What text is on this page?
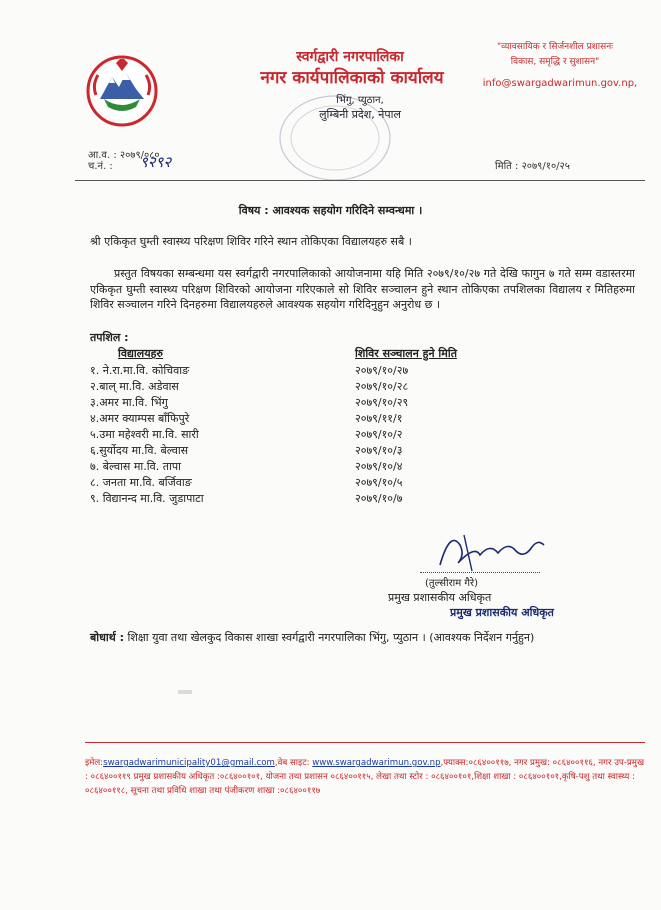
स्वर्गद्वारी नगरपालिका
नगर कार्यपालिकाको कार्यालय
भिंगु, प्युठान,
लुम्बिनी प्रदेश, नेपाल
"व्यावसायिक र सिर्जनशील प्रशासनः
विकास, समृद्धि र सुशासन"
info@swargadwarimun.gov.np,
आ.व. : २०७९/०८०
च.नं. : ९२९२	मिति : २०७९/१०/२५
विषय : आवश्यक सहयोग गरिदिने सम्वन्धमा ।
श्री एकिकृत घुम्ती स्वास्थ्य परिक्षण शिविर गरिने स्थान तोकिएका विद्यालयहरु सबै ।
प्रस्तुत विषयका सम्बन्धमा यस स्वर्गद्वारी नगरपालिकाको आयोजनामा यहि मिति २०७९/१०/२७ गते देखि फागुन ७ गते सम्म वडास्तरमा एकिकृत घुम्ती स्वास्थ्य परिक्षण शिविरको आयोजना गरिएकाले सो शिविर सञ्चालन हुने स्थान तोकिएका तपशिलका विद्यालय र मितिहरुमा शिविर सञ्चालन गरिने दिनहरुमा विद्यालयहरुले आवश्यक सहयोग गरिदिनुहुन अनुरोध छ ।
तपशिल :
विद्यालयहरु	शिविर सञ्चालन हुने मिति
१. ने.रा.मा.वि. कोचिवाङ	२०७९/१०/२७
२.बाल् मा.वि. अडेवास	२०७९/१०/२८
३.अमर मा.वि. भिंगु	२०७९/१०/२९
४.अमर क्याम्पस बाँफिपुरे	२०७९/११/१
५.उमा महेश्वरी मा.वि. सारी	२०७९/१०/२
६.सुर्योदय मा.वि. बेल्वास	२०७९/१०/३
७. बेल्वास मा.वि. तापा	२०७९/१०/४
८. जनता मा.वि. बर्जिवाङ	२०७९/१०/५
९. विद्यानन्द मा.वि. जुडापाटा	२०७९/१०/७
(तुल्सीराम गैरे)
प्रमुख प्रशासकीय अधिकृत
प्रमुख प्रशासकीय अधिकृत
बोधार्थ : शिक्षा युवा तथा खेलकुद विकास शाखा स्वर्गद्वारी नगरपालिका भिंगु, प्युठान । (आवश्यक निर्देशन गर्नुहुन)
इमेल:swargadwarimunicipality01@gmail.com,वेब साइट: www.swargadwarimun.gov.np,फ्याक्स:०८६४००११७, नगर प्रमुख: ०८६४००११६, नगर उप-प्रमुख : ०८६४००११९ प्रमुख प्रशासकीय अधिकृत :०८६४००१०१, योजना तथा प्रशासन ०८६४००११५, लेखा तथा स्टोर : ०८६४००१०१,शिक्षा शाखा : ०८६४००१०१,कृषि-पशु तथा स्वास्थ्य : ०८६४००११८, सूचना तथा प्रविधि शाखा तथा पंजीकरण शाखा :०८६४००११७
